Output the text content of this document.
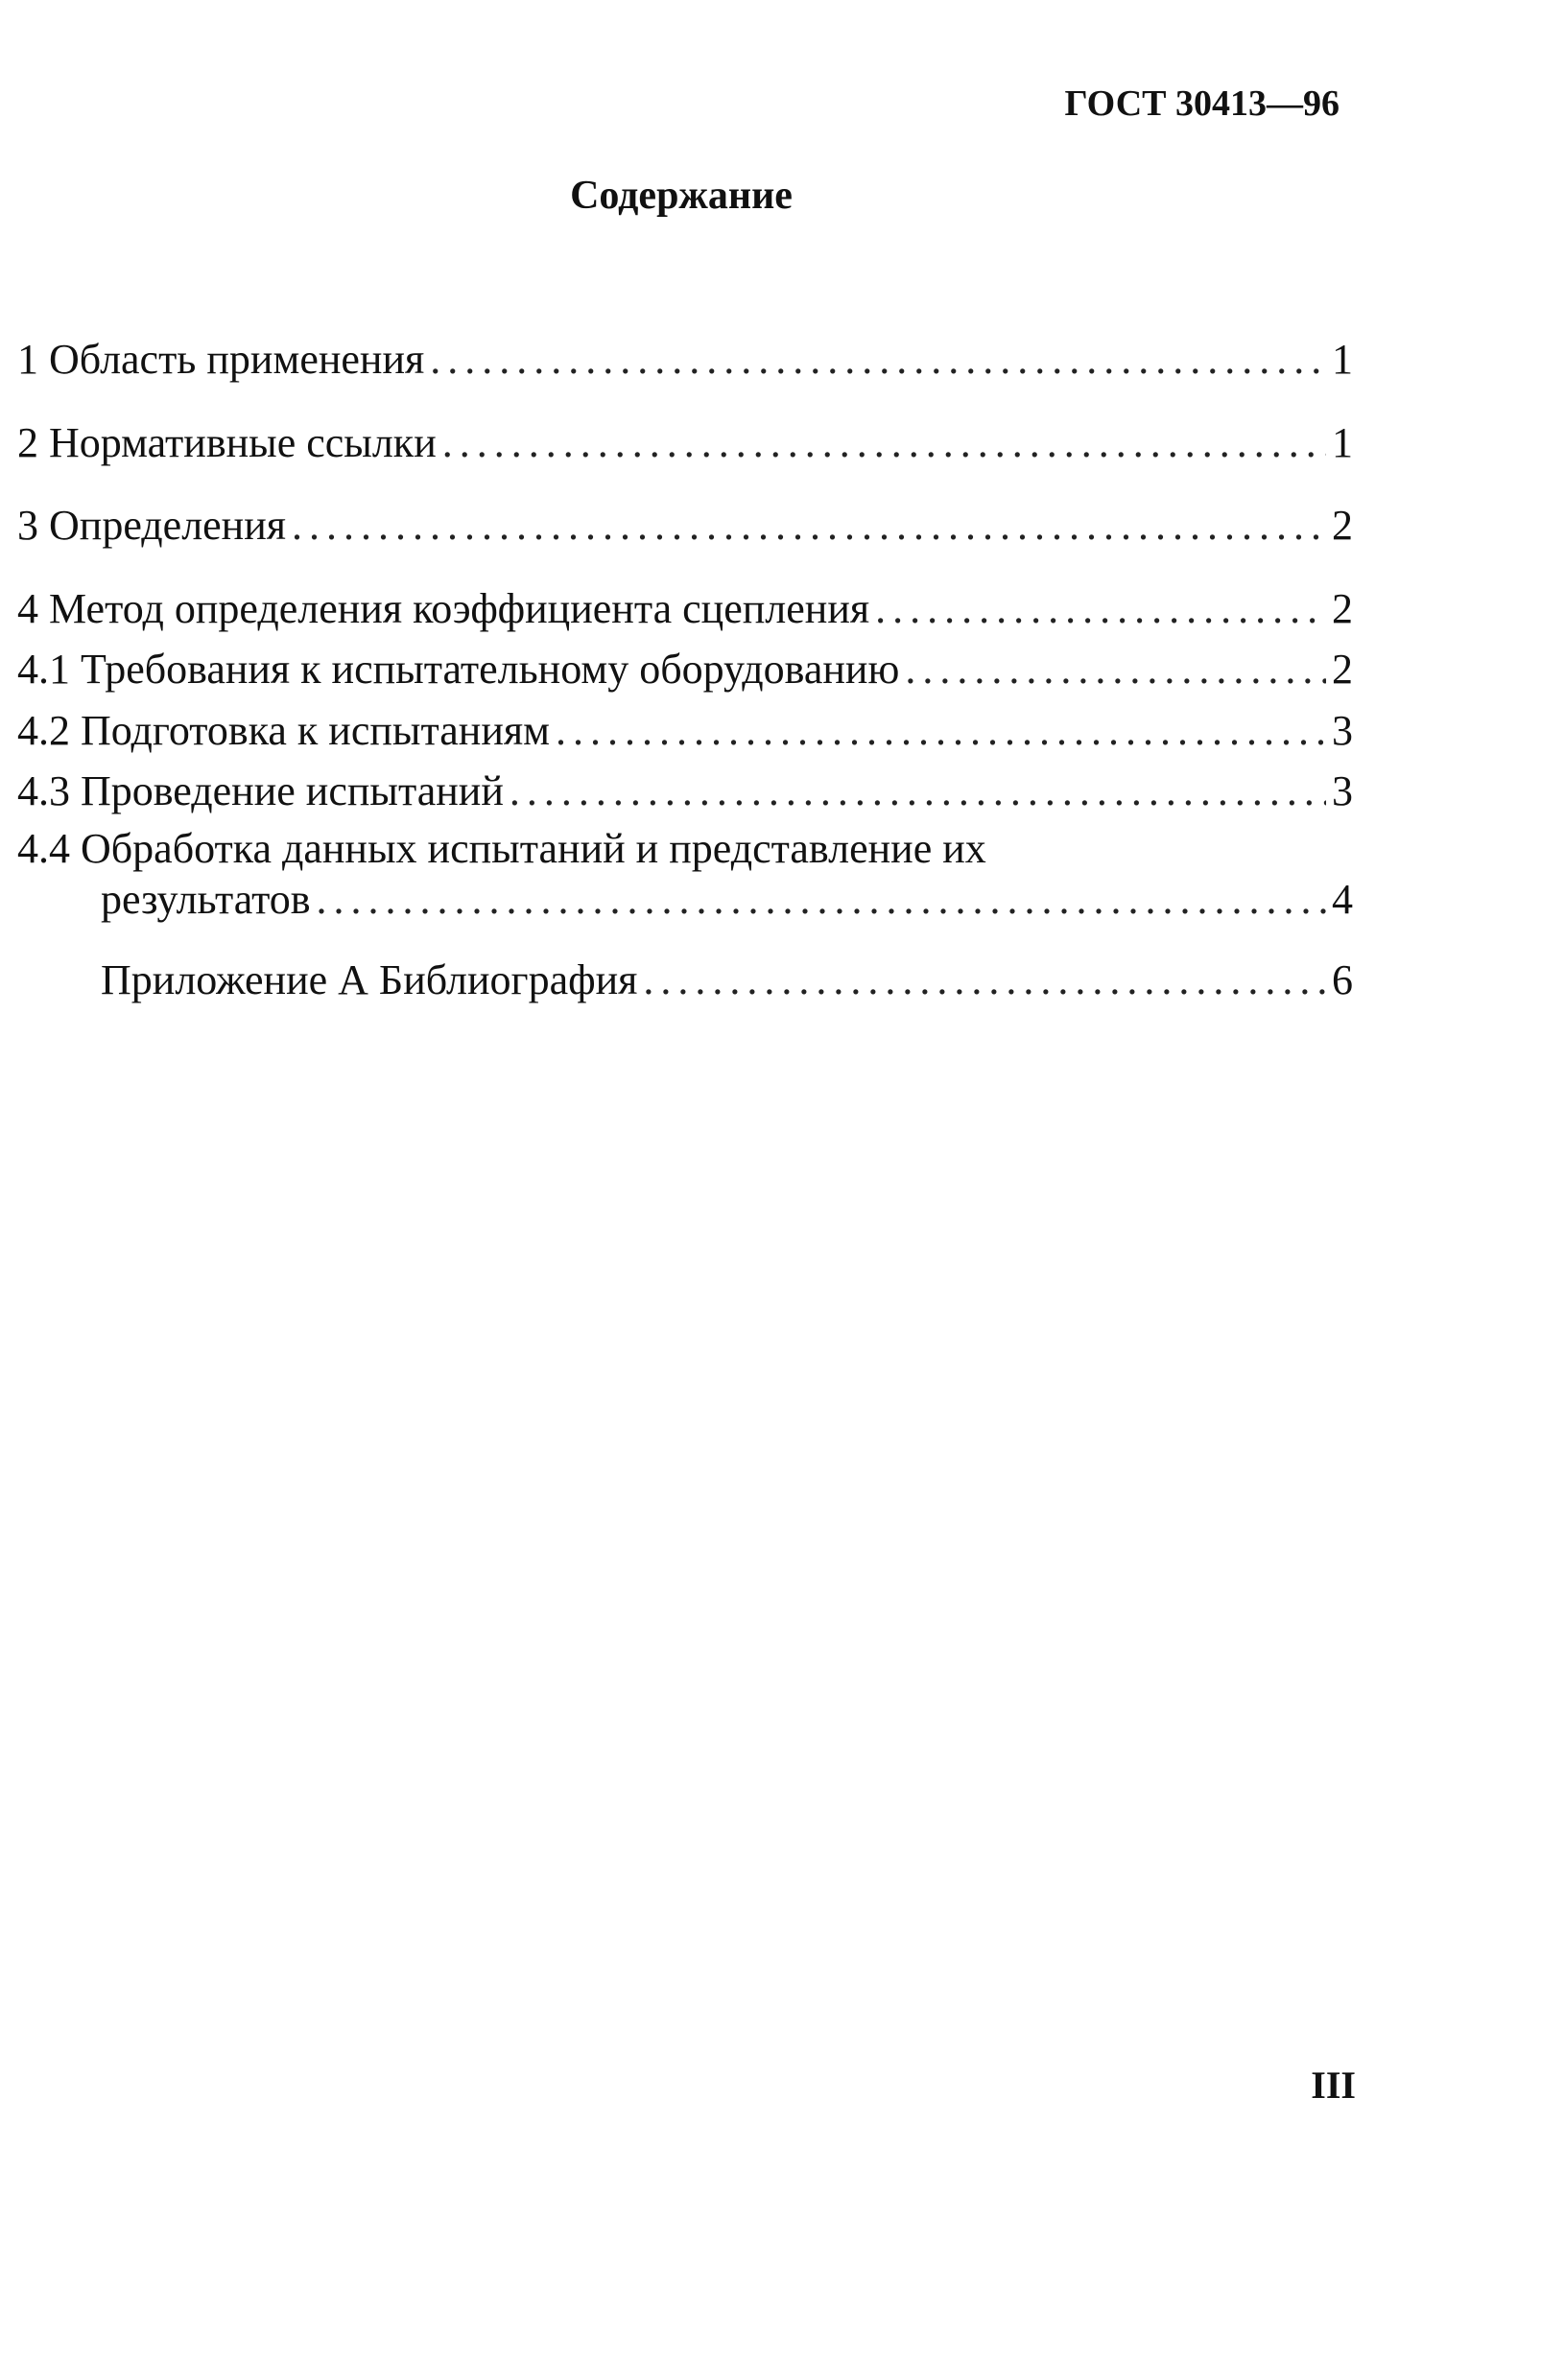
ГОСТ 30413—96
Содержание
1 Область применения . . .	1
2 Нормативные ссылки . . .	1
3 Определения . . .	2
4 Метод определения коэффициента сцепления . . .	2
4.1 Требования к испытательному оборудованию . . .	2
4.2 Подготовка к испытаниям . . .	3
4.3 Проведение испытаний . . .	3
4.4 Обработка данных испытаний и представление их
результатов . . .	4
Приложение А Библиография . . .	6
III
